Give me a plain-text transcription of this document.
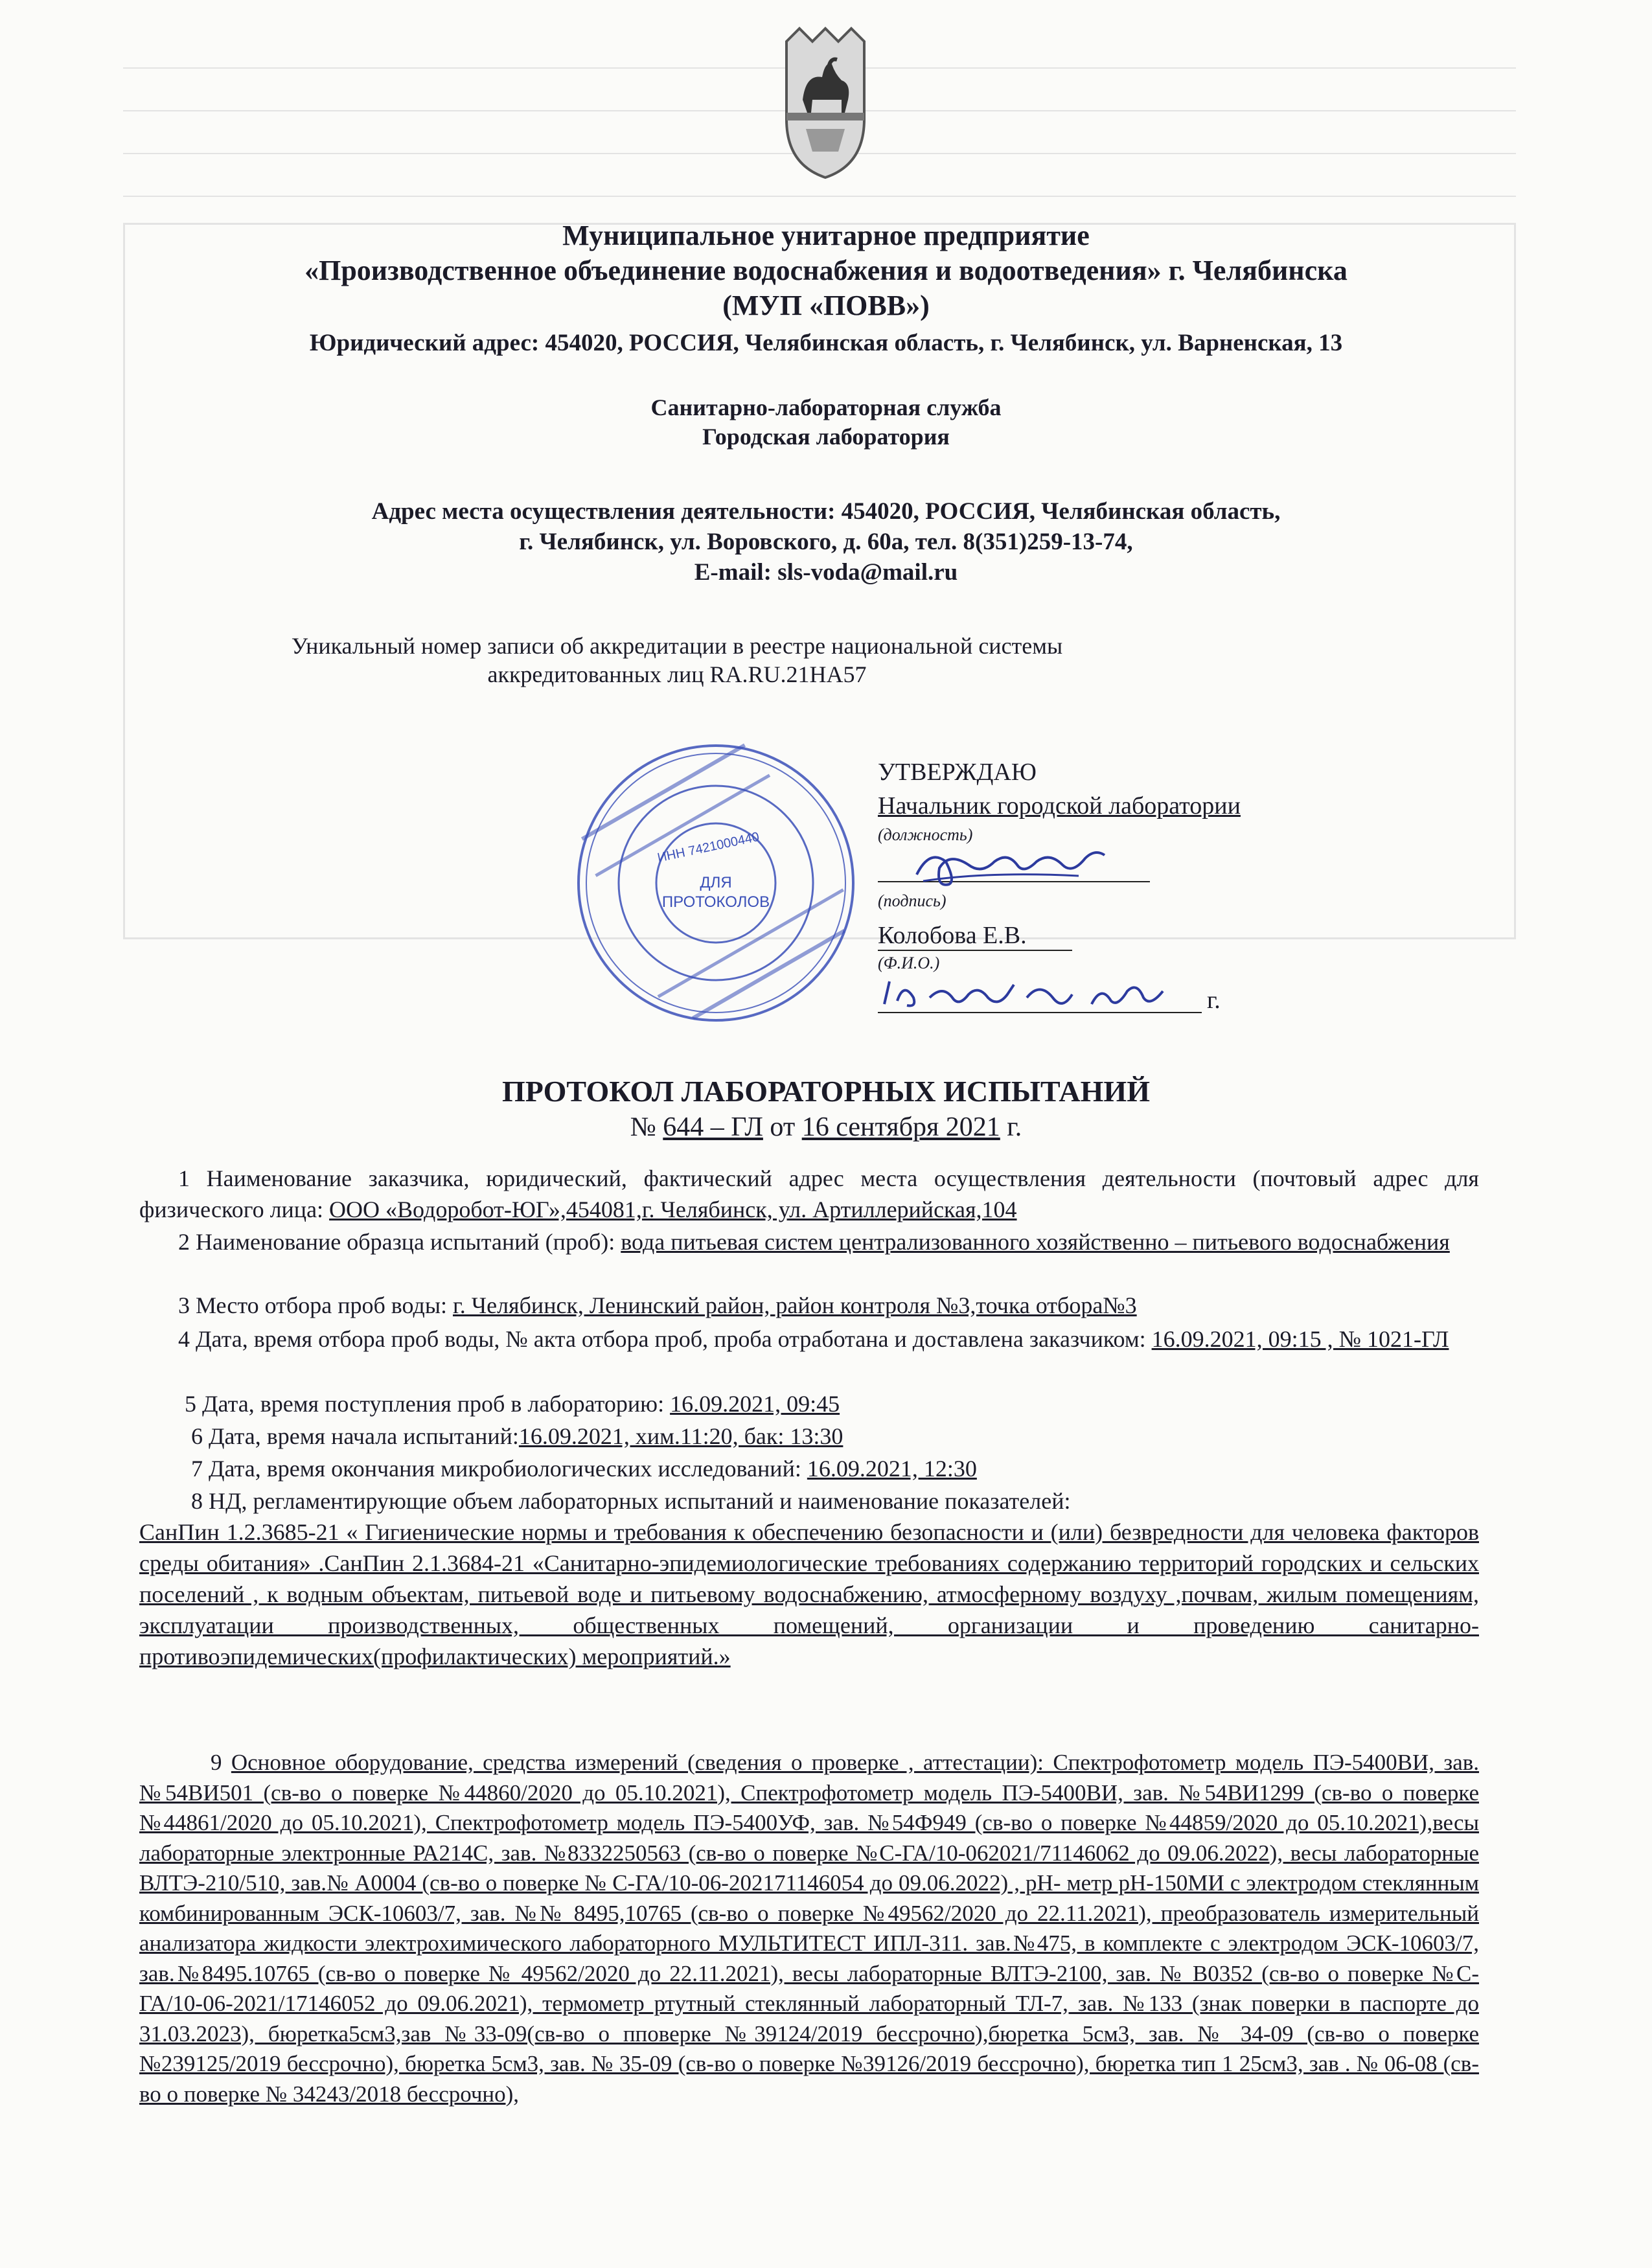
Муниципальное унитарное предприятие
«Производственное объединение водоснабжения и водоотведения» г. Челябинска
(МУП «ПОВВ»)
Юридический адрес: 454020, РОССИЯ, Челябинская область, г. Челябинск, ул. Варненская, 13
Санитарно-лабораторная служба
Городская лаборатория
Адрес места осуществления деятельности: 454020, РОССИЯ, Челябинская область,
г. Челябинск, ул. Воровского, д. 60а, тел. 8(351)259-13-74,
E-mail: sls-voda@mail.ru
Уникальный номер записи об аккредитации в реестре национальной системы
аккредитованных лиц RA.RU.21НА57
ИНН 7421000440
ДЛЯ
ПРОТОКОЛОВ
УТВЕРЖДАЮ
Начальник городской лаборатории
(должность)
(подпись)
Колобова Е.В.
(Ф.И.О.)
г.
ПРОТОКОЛ ЛАБОРАТОРНЫХ ИСПЫТАНИЙ
№ 644 – ГЛ от 16 сентября 2021 г.
1 Наименование заказчика, юридический, фактический адрес места осуществления деятельности (почтовый адрес для физического лица: ООО «Водоробот-ЮГ»,454081,г. Челябинск, ул. Артиллерийская,104
2 Наименование образца испытаний (проб): вода питьевая систем централизованного хозяйственно – питьевого водоснабжения
3 Место отбора проб воды: г. Челябинск, Ленинский район, район контроля №3,точка отбора№3
4 Дата, время отбора проб воды, № акта отбора проб, проба отработана и доставлена заказчиком: 16.09.2021, 09:15 , № 1021-ГЛ
5 Дата, время поступления проб в лабораторию: 16.09.2021, 09:45
6 Дата, время начала испытаний:16.09.2021, хим.11:20, бак: 13:30
7 Дата, время окончания микробиологических исследований: 16.09.2021, 12:30
8 НД, регламентирующие объем лабораторных испытаний и наименование показателей:
СанПин 1.2.3685-21 « Гигиенические нормы и требования к обеспечению безопасности и (или) безвредности для человека факторов среды обитания» .СанПин 2.1.3684-21 «Санитарно-эпидемиологические требованиях содержанию территорий городских и сельских поселений , к водным объектам, питьевой воде и питьевому водоснабжению, атмосферному воздуху ,почвам, жилым помещениям, эксплуатации производственных, общественных помещений, организации и проведению санитарно-противоэпидемических(профилактических) мероприятий.»
9 Основное оборудование, средства измерений (сведения о проверке , аттестации): Спектрофотометр модель ПЭ-5400ВИ, зав. №54ВИ501 (св-во о поверке №44860/2020 до 05.10.2021), Спектрофотометр модель ПЭ-5400ВИ, зав. №54ВИ1299 (св-во о поверке №44861/2020 до 05.10.2021), Спектрофотометр модель ПЭ-5400УФ, зав. №54Ф949 (св-во о поверке №44859/2020 до 05.10.2021),весы лабораторные электронные РА214С, зав. №8332250563 (св-во о поверке №С-ГА/10-062021/71146062 до 09.06.2022), весы лабораторные ВЛТЭ-210/510, зав.№ А0004 (св-во о поверке № С-ГА/10-06-202171146054 до 09.06.2022) , рН- метр рН-150МИ с электродом стеклянным комбинированным ЭСК-10603/7, зав. №№ 8495,10765 (св-во о поверке №49562/2020 до 22.11.2021), преобразователь измерительный анализатора жидкости электрохимического лабораторного МУЛЬТИТЕСТ ИПЛ-311. зав.№475, в комплекте с электродом ЭСК-10603/7, зав.№8495.10765 (св-во о поверке № 49562/2020 до 22.11.2021), весы лабораторные ВЛТЭ-2100, зав. № В0352 (св-во о поверке №С-ГА/10-06-2021/17146052 до 09.06.2021), термометр ртутный стеклянный лабораторный ТЛ-7, зав. №133 (знак поверки в паспорте до 31.03.2023), бюретка5см3,зав №33-09(св-во о пповерке №39124/2019 бессрочно),бюретка 5см3, зав. № 34-09 (св-во о поверке №239125/2019 бессрочно), бюретка 5см3, зав. № 35-09 (св-во о поверке №39126/2019 бессрочно), бюретка тип 1 25см3, зав . № 06-08 (св-во о поверке № 34243/2018 бессрочно),
